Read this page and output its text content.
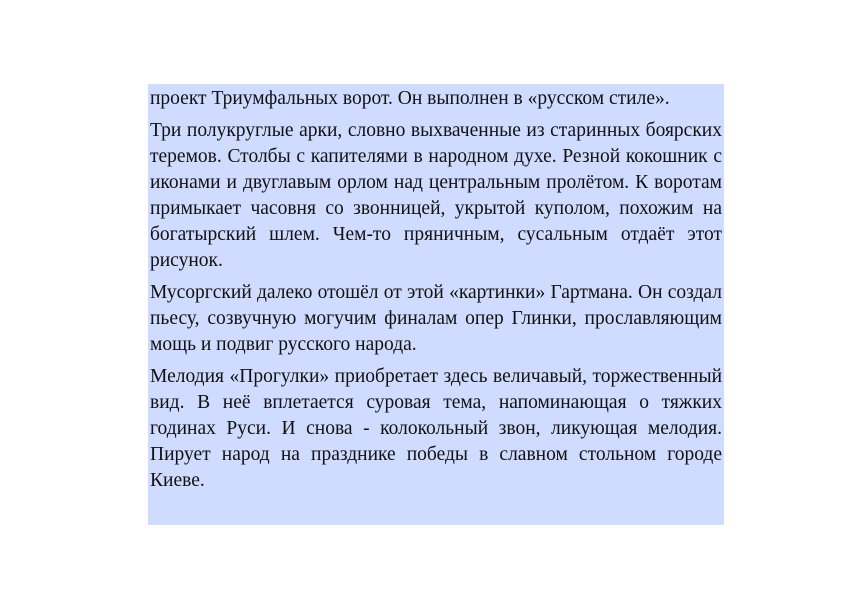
проект Триумфальных ворот. Он выполнен в «русском стиле».

Три полукруглые арки, словно выхваченные из старинных боярских теремов. Столбы с капителями в народном духе. Резной кокошник с иконами и двуглавым орлом над центральным пролётом. К воротам примыкает часовня со звонницей, укрытой куполом, похожим на богатырский шлем. Чем-то пряничным, сусальным отдаёт этот рисунок.

Мусоргский далеко отошёл от этой «картинки» Гартмана. Он создал пьесу, созвучную могучим финалам опер Глинки, прославляющим мощь и подвиг русского народа.

Мелодия «Прогулки» приобретает здесь величавый, торжественный вид. В неё вплетается суровая тема, напоминающая о тяжких годинах Руси. И снова - колокольный звон, ликующая мелодия. Пирует народ на празднике победы в славном стольном городе Киеве.
